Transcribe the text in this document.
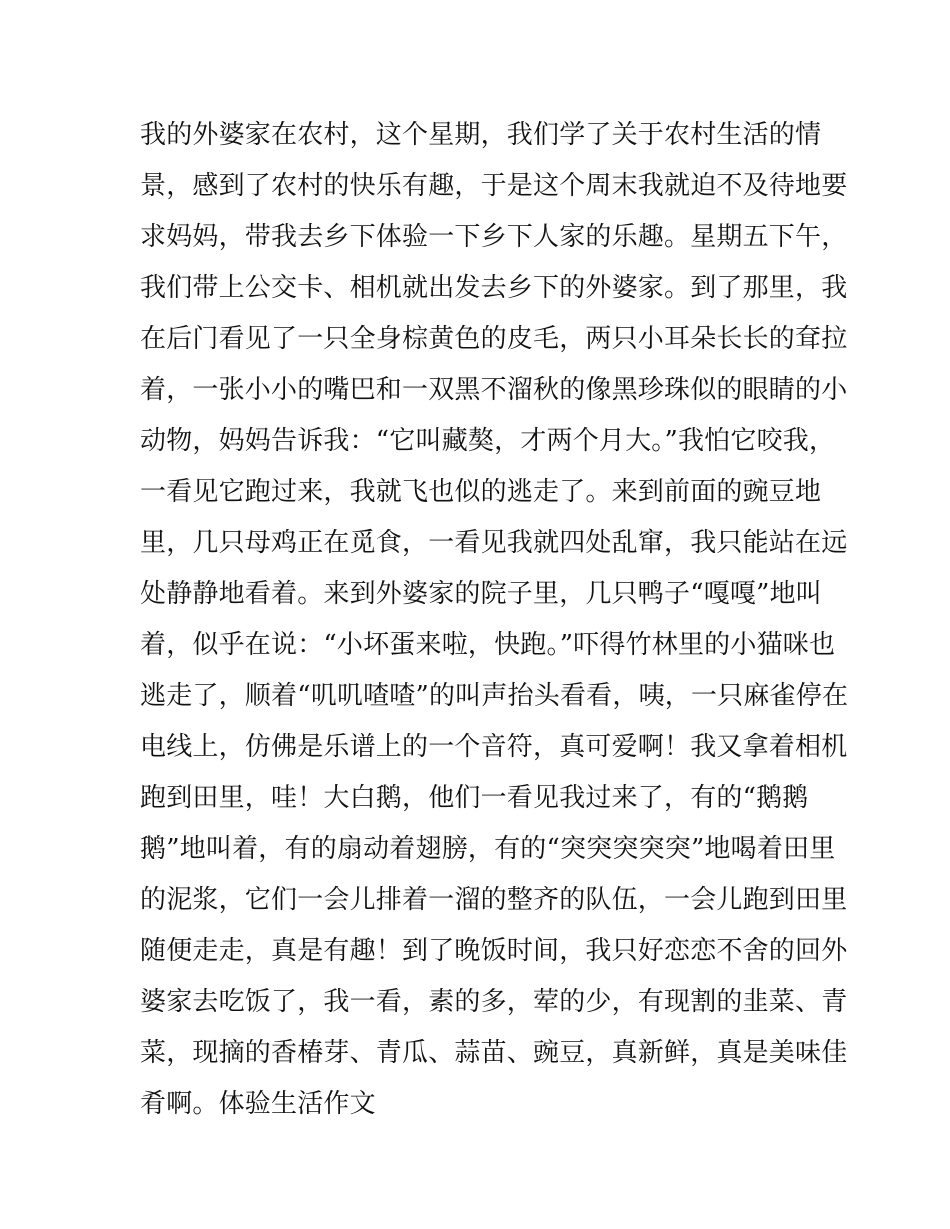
我的外婆家在农村，这个星期，我们学了关于农村生活的情
景，感到了农村的快乐有趣，于是这个周末我就迫不及待地要
求妈妈，带我去乡下体验一下乡下人家的乐趣。星期五下午，
我们带上公交卡、相机就出发去乡下的外婆家。到了那里，我
在后门看见了一只全身棕黄色的皮毛，两只小耳朵长长的耷拉
着，一张小小的嘴巴和一双黑不溜秋的像黑珍珠似的眼睛的小
动物，妈妈告诉我：“它叫藏獒，才两个月大。”我怕它咬我，
一看见它跑过来，我就飞也似的逃走了。来到前面的豌豆地
里，几只母鸡正在觅食，一看见我就四处乱窜，我只能站在远
处静静地看着。来到外婆家的院子里，几只鸭子“嘎嘎”地叫
着，似乎在说：“小坏蛋来啦，快跑。”吓得竹林里的小猫咪也
逃走了，顺着“叽叽喳喳”的叫声抬头看看，咦，一只麻雀停在
电线上，仿佛是乐谱上的一个音符，真可爱啊！我又拿着相机
跑到田里，哇！大白鹅，他们一看见我过来了，有的“鹅鹅
鹅”地叫着，有的扇动着翅膀，有的“突突突突突”地喝着田里
的泥浆，它们一会儿排着一溜的整齐的队伍，一会儿跑到田里
随便走走，真是有趣！到了晚饭时间，我只好恋恋不舍的回外
婆家去吃饭了，我一看，素的多，荤的少，有现割的韭菜、青
菜，现摘的香椿芽、青瓜、蒜苗、豌豆，真新鲜，真是美味佳
肴啊。体验生活作文
